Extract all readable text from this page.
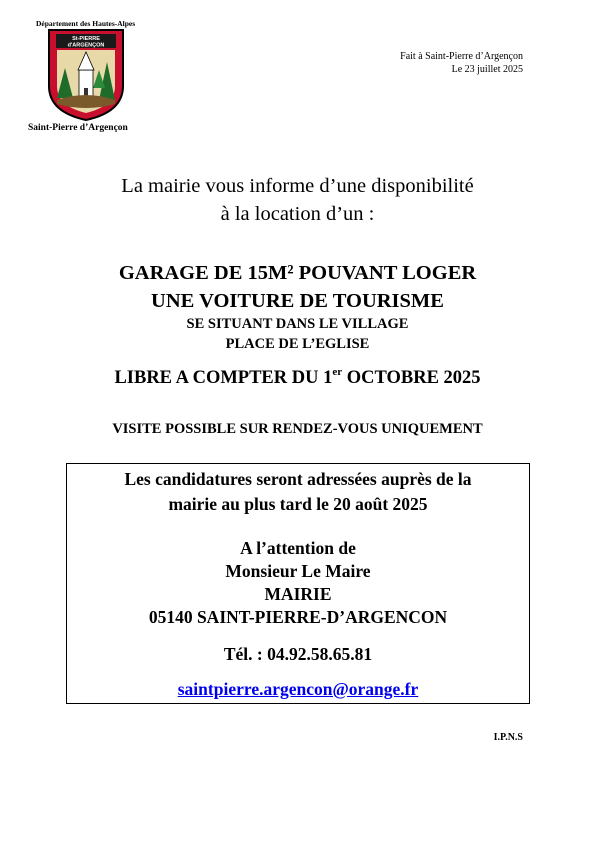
Département des Hautes-Alpes
St-PIERRE
d'ARGENÇON
Saint-Pierre d’Argençon
Fait à Saint-Pierre d’Argençon
Le 23 juillet 2025
La mairie vous informe d’une disponibilité
à la location d’un :
GARAGE DE 15M² POUVANT LOGER
UNE VOITURE DE TOURISME
SE SITUANT DANS LE VILLAGE
PLACE DE L’EGLISE
LIBRE A COMPTER DU 1er OCTOBRE 2025
VISITE POSSIBLE SUR RENDEZ-VOUS UNIQUEMENT
Les candidatures seront adressées auprès de la
mairie au plus tard le 20 août 2025
A l’attention de
Monsieur Le Maire
MAIRIE
05140 SAINT-PIERRE-D’ARGENCON
Tél. : 04.92.58.65.81
saintpierre.argencon@orange.fr
I.P.N.S
